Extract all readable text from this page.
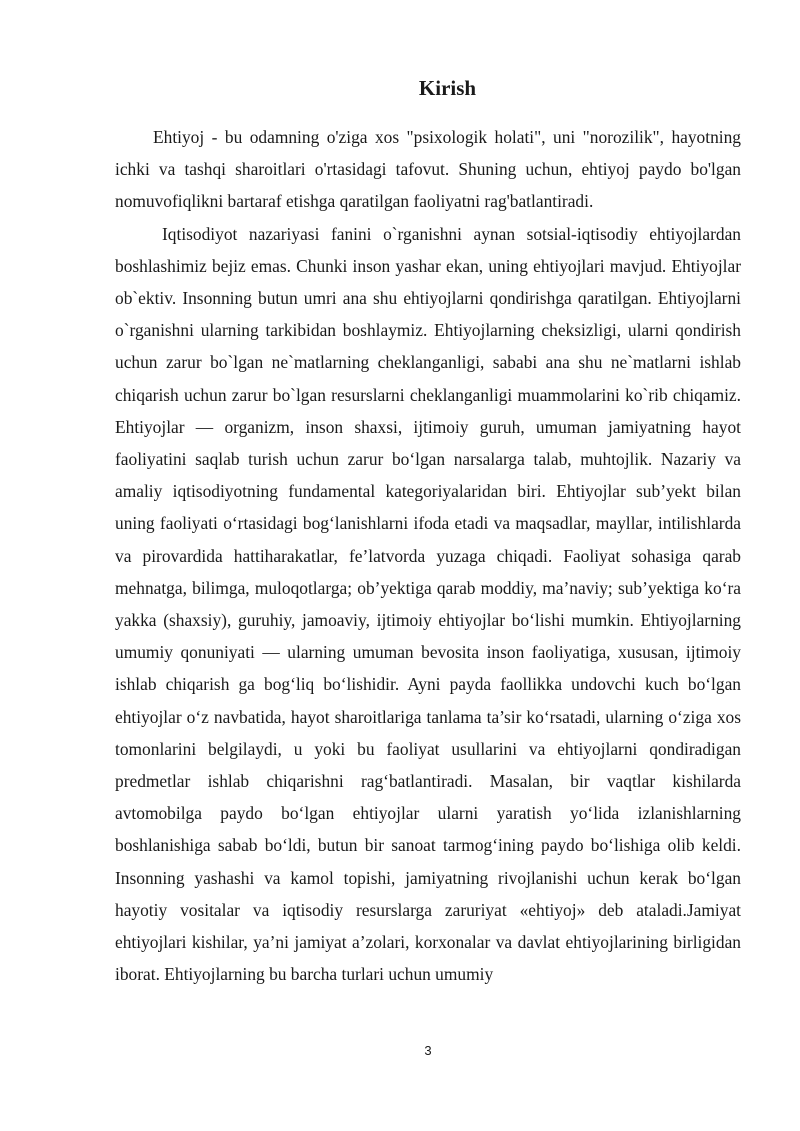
Kirish

Ehtiyoj - bu odamning o'ziga xos "psixologik holati", uni "norozilik", hayotning ichki va tashqi sharoitlari o'rtasidagi tafovut. Shuning uchun, ehtiyoj paydo bo'lgan nomuvofiqlikni bartaraf etishga qaratilgan faoliyatni rag'batlantiradi.

Iqtisodiyot nazariyasi fanini o`rganishni aynan sotsial-iqtisodiy ehtiyojlardan boshlashimiz bejiz emas. Chunki inson yashar ekan, uning ehtiyojlari mavjud. Ehtiyojlar ob`ektiv. Insonning butun umri ana shu ehtiyojlarni qondirishga qaratilgan. Ehtiyojlarni o`rganishni ularning tarkibidan boshlaymiz. Ehtiyojlarning cheksizligi, ularni qondirish uchun zarur bo`lgan ne`matlarning cheklanganligi, sababi ana shu ne`matlarni ishlab chiqarish uchun zarur bo`lgan resurslarni cheklanganligi muammolarini ko`rib chiqamiz. Ehtiyojlar — organizm, inson shaxsi, ijtimoiy guruh, umuman jamiyatning hayot faoliyatini saqlab turish uchun zarur boʻlgan narsalarga talab, muhtojlik. Nazariy va amaliy iqtisodiyotning fundamental kategoriyalaridan biri. Ehtiyojlar sub’yekt bilan uning faoliyati oʻrtasidagi bogʻlanishlarni ifoda etadi va maqsadlar, mayllar, intilishlarda va pirovardida hattiharakatlar, fe’latvorda yuzaga chiqadi. Faoliyat sohasiga qarab mehnatga, bilimga, muloqotlarga; ob’yektiga qarab moddiy, ma’naviy; sub’yektiga koʻra yakka (shaxsiy), guruhiy, jamoaviy, ijtimoiy ehtiyojlar boʻlishi mumkin. Ehtiyojlarning umumiy qonuniyati — ularning umuman bevosita inson faoliyatiga, xususan, ijtimoiy ishlab chiqarish ga bogʻliq boʻlishidir. Ayni payda faollikka undovchi kuch boʻlgan ehtiyojlar oʻz navbatida, hayot sharoitlariga tanlama ta’sir koʻrsatadi, ularning oʻziga xos tomonlarini belgilaydi, u yoki bu faoliyat usullarini va ehtiyojlarni qondiradigan predmetlar ishlab chiqarishni ragʻbatlantiradi. Masalan, bir vaqtlar kishilarda avtomobilga paydo boʻlgan ehtiyojlar ularni yaratish yoʻlida izlanishlarning boshlanishiga sabab boʻldi, butun bir sanoat tarmogʻining paydo boʻlishiga olib keldi. Insonning yashashi va kamol topishi, jamiyatning rivojlanishi uchun kerak boʻlgan hayotiy vositalar va iqtisodiy resurslarga zaruriyat «ehtiyoj» deb ataladi.Jamiyat ehtiyojlari kishilar, ya’ni jamiyat a’zolari, korxonalar va davlat ehtiyojlarining birligidan iborat. Ehtiyojlarning bu barcha turlari uchun umumiy

3
